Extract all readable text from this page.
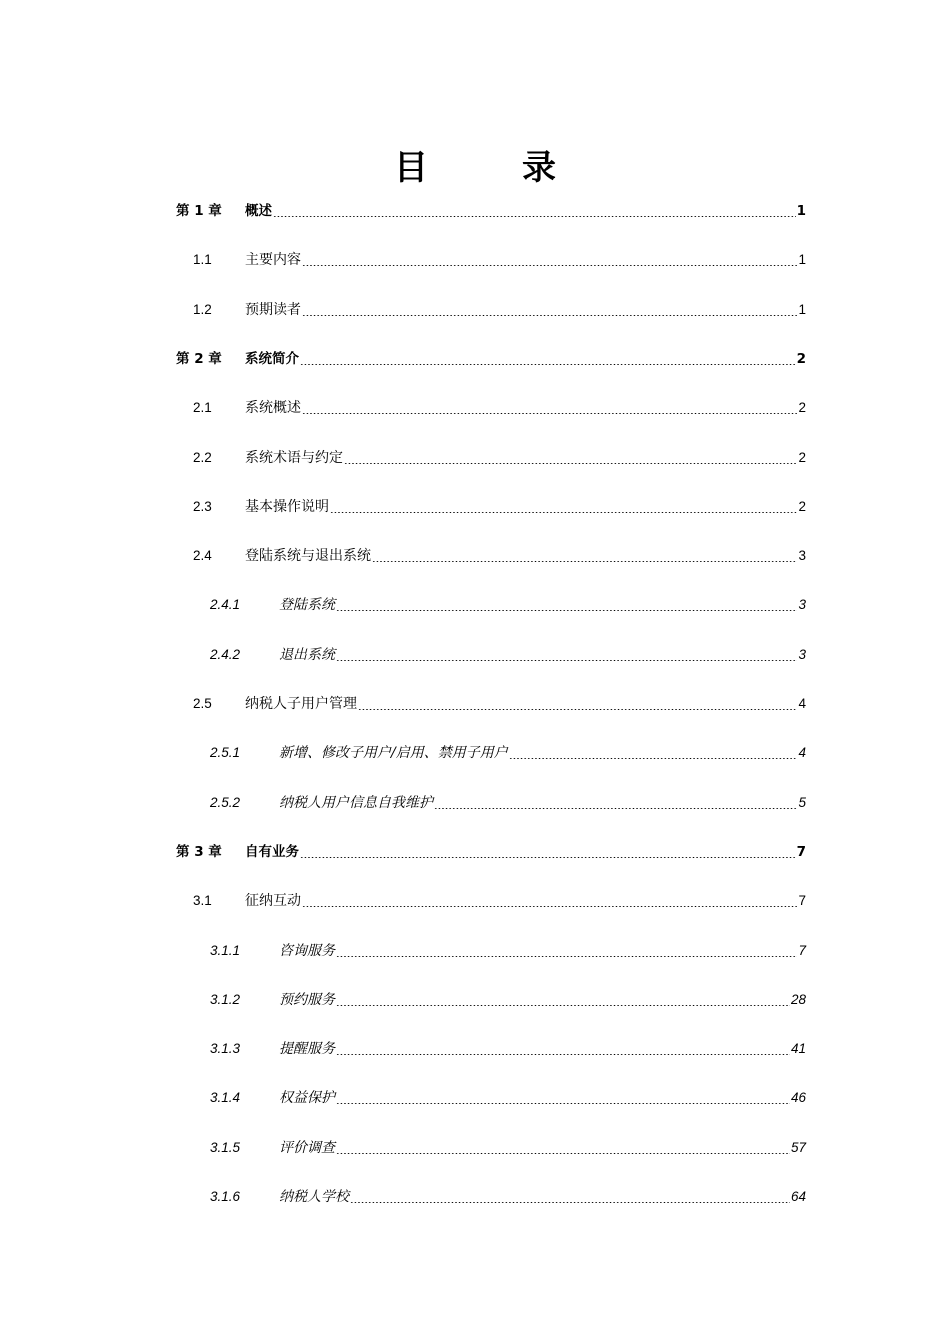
目　录
第 1 章 概述	1
1.1 主要内容	1
1.2 预期读者	1
第 2 章 系统简介	2
2.1 系统概述	2
2.2 系统术语与约定	2
2.3 基本操作说明	2
2.4 登陆系统与退出系统	3
2.4.1	登陆系统	3
2.4.2	退出系统	3
2.5 纳税人子用户管理	4
2.5.1	新增、修改子用户/启用、禁用子用户	4
2.5.2	纳税人用户信息自我维护	5
第 3 章 自有业务	7
3.1 征纳互动	7
3.1.1	咨询服务	7
3.1.2	预约服务	28
3.1.3	提醒服务	41
3.1.4	权益保护	46
3.1.5	评价调查	57
3.1.6	纳税人学校	64
